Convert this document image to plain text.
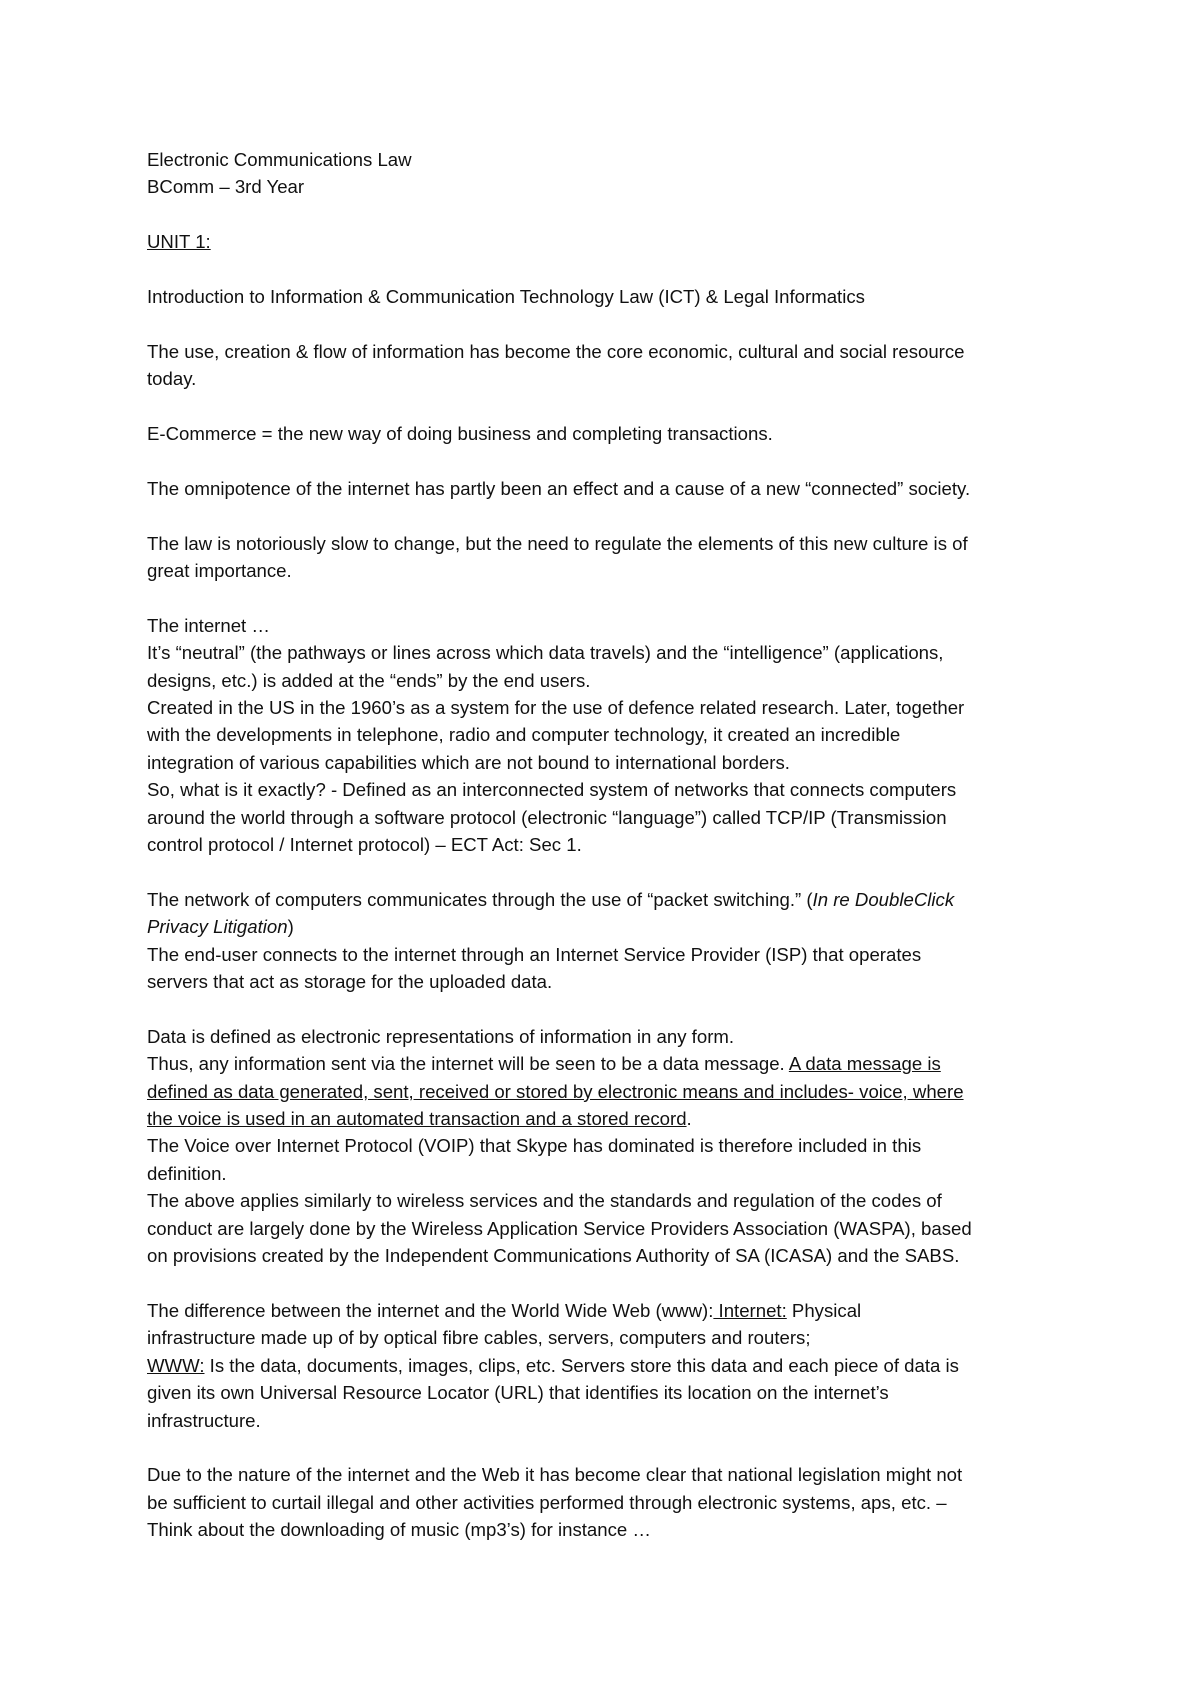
Electronic Communications Law

BComm – 3rd Year

UNIT 1:

Introduction to Information & Communication Technology Law (ICT) & Legal Informatics

The use, creation & flow of information has become the core economic, cultural and social resource

today.

E-Commerce = the new way of doing business and completing transactions.

The omnipotence of the internet has partly been an effect and a cause of a new “connected” society.

The law is notoriously slow to change, but the need to regulate the elements of this new culture is of

great importance.

The internet …

It’s “neutral” (the pathways or lines across which data travels) and the “intelligence” (applications,

designs, etc.) is added at the “ends” by the end users.

Created in the US in the 1960’s as a system for the use of defence related research. Later, together

with the developments in telephone, radio and computer technology, it created an incredible

integration of various capabilities which are not bound to international borders.

So, what is it exactly? - Defined as an interconnected system of networks that connects computers

around the world through a software protocol (electronic “language”) called TCP/IP (Transmission

control protocol / Internet protocol) – ECT Act: Sec 1.

The network of computers communicates through the use of “packet switching.” (In re DoubleClick

Privacy Litigation)

The end-user connects to the internet through an Internet Service Provider (ISP) that operates

servers that act as storage for the uploaded data.

Data is defined as electronic representations of information in any form.

Thus, any information sent via the internet will be seen to be a data message. A data message is

defined as data generated, sent, received or stored by electronic means and includes- voice, where

the voice is used in an automated transaction and a stored record.

The Voice over Internet Protocol (VOIP) that Skype has dominated is therefore included in this

definition.

The above applies similarly to wireless services and the standards and regulation of the codes of

conduct are largely done by the Wireless Application Service Providers Association (WASPA), based

on provisions created by the Independent Communications Authority of SA (ICASA) and the SABS.

The difference between the internet and the World Wide Web (www): Internet: Physical

infrastructure made up of by optical fibre cables, servers, computers and routers;

WWW: Is the data, documents, images, clips, etc. Servers store this data and each piece of data is

given its own Universal Resource Locator (URL) that identifies its location on the internet’s

infrastructure.

Due to the nature of the internet and the Web it has become clear that national legislation might not

be sufficient to curtail illegal and other activities performed through electronic systems, aps, etc. –

Think about the downloading of music (mp3’s) for instance …
